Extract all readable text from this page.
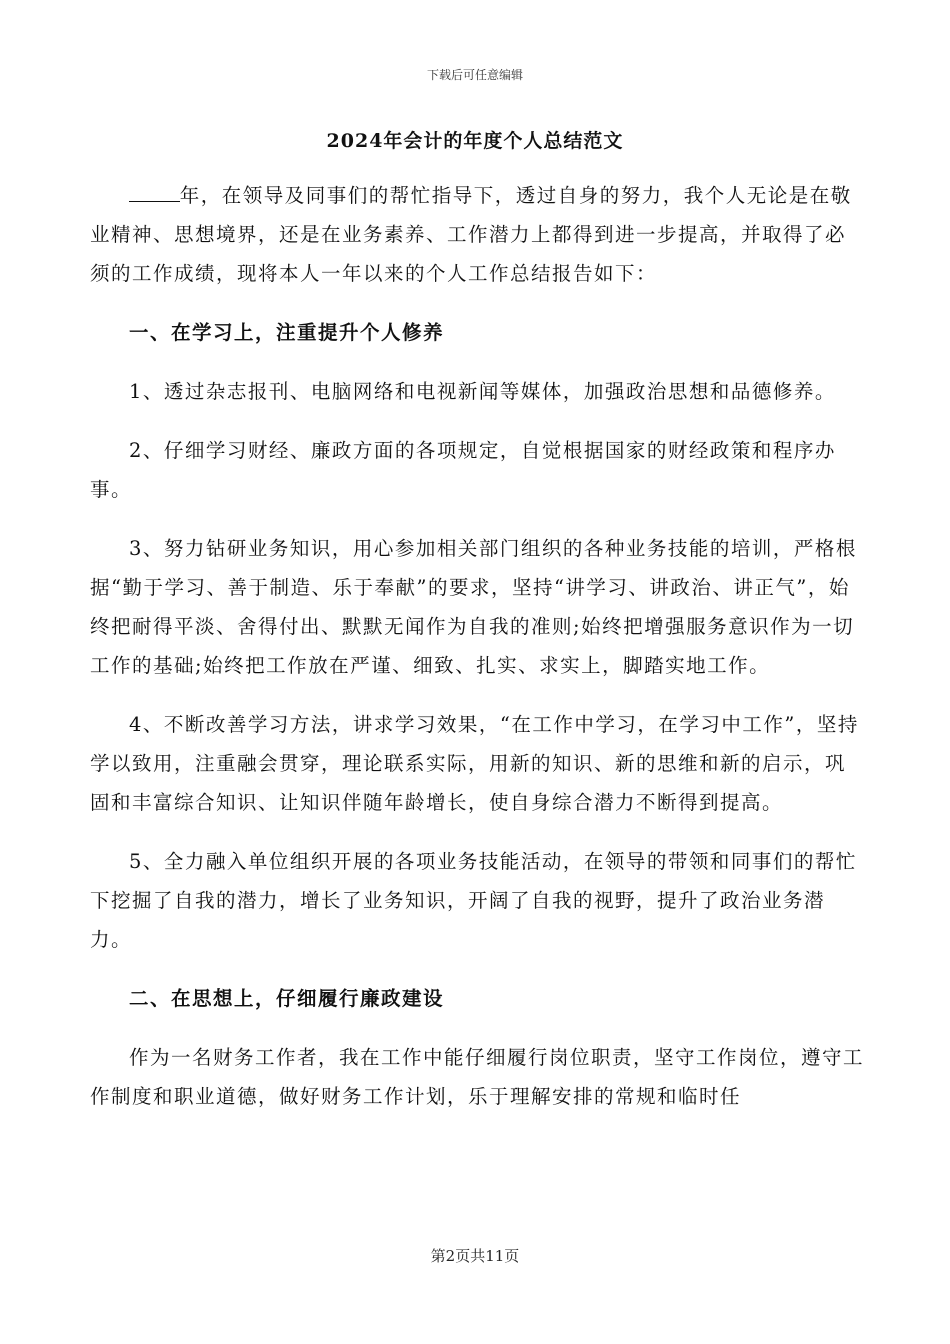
下载后可任意编辑
2024年会计的年度个人总结范文

年，在领导及同事们的帮忙指导下，透过自身的努力，我个人无论是在敬业精神、思想境界，还是在业务素养、工作潜力上都得到进一步提高，并取得了必须的工作成绩，现将本人一年以来的个人工作总结报告如下：

一、在学习上，注重提升个人修养

1、透过杂志报刊、电脑网络和电视新闻等媒体，加强政治思想和品德修养。

2、仔细学习财经、廉政方面的各项规定，自觉根据国家的财经政策和程序办事。

3、努力钻研业务知识，用心参加相关部门组织的各种业务技能的培训，严格根据“勤于学习、善于制造、乐于奉献”的要求，坚持“讲学习、讲政治、讲正气”，始终把耐得平淡、舍得付出、默默无闻作为自我的准则;始终把增强服务意识作为一切工作的基础;始终把工作放在严谨、细致、扎实、求实上，脚踏实地工作。

4、不断改善学习方法，讲求学习效果，“在工作中学习，在学习中工作”，坚持学以致用，注重融会贯穿，理论联系实际，用新的知识、新的思维和新的启示，巩固和丰富综合知识、让知识伴随年龄增长，使自身综合潜力不断得到提高。

5、全力融入单位组织开展的各项业务技能活动，在领导的带领和同事们的帮忙下挖掘了自我的潜力，增长了业务知识，开阔了自我的视野，提升了政治业务潜力。

二、在思想上，仔细履行廉政建设

作为一名财务工作者，我在工作中能仔细履行岗位职责，坚守工作岗位，遵守工作制度和职业道德，做好财务工作计划，乐于理解安排的常规和临时任

第2页共11页
